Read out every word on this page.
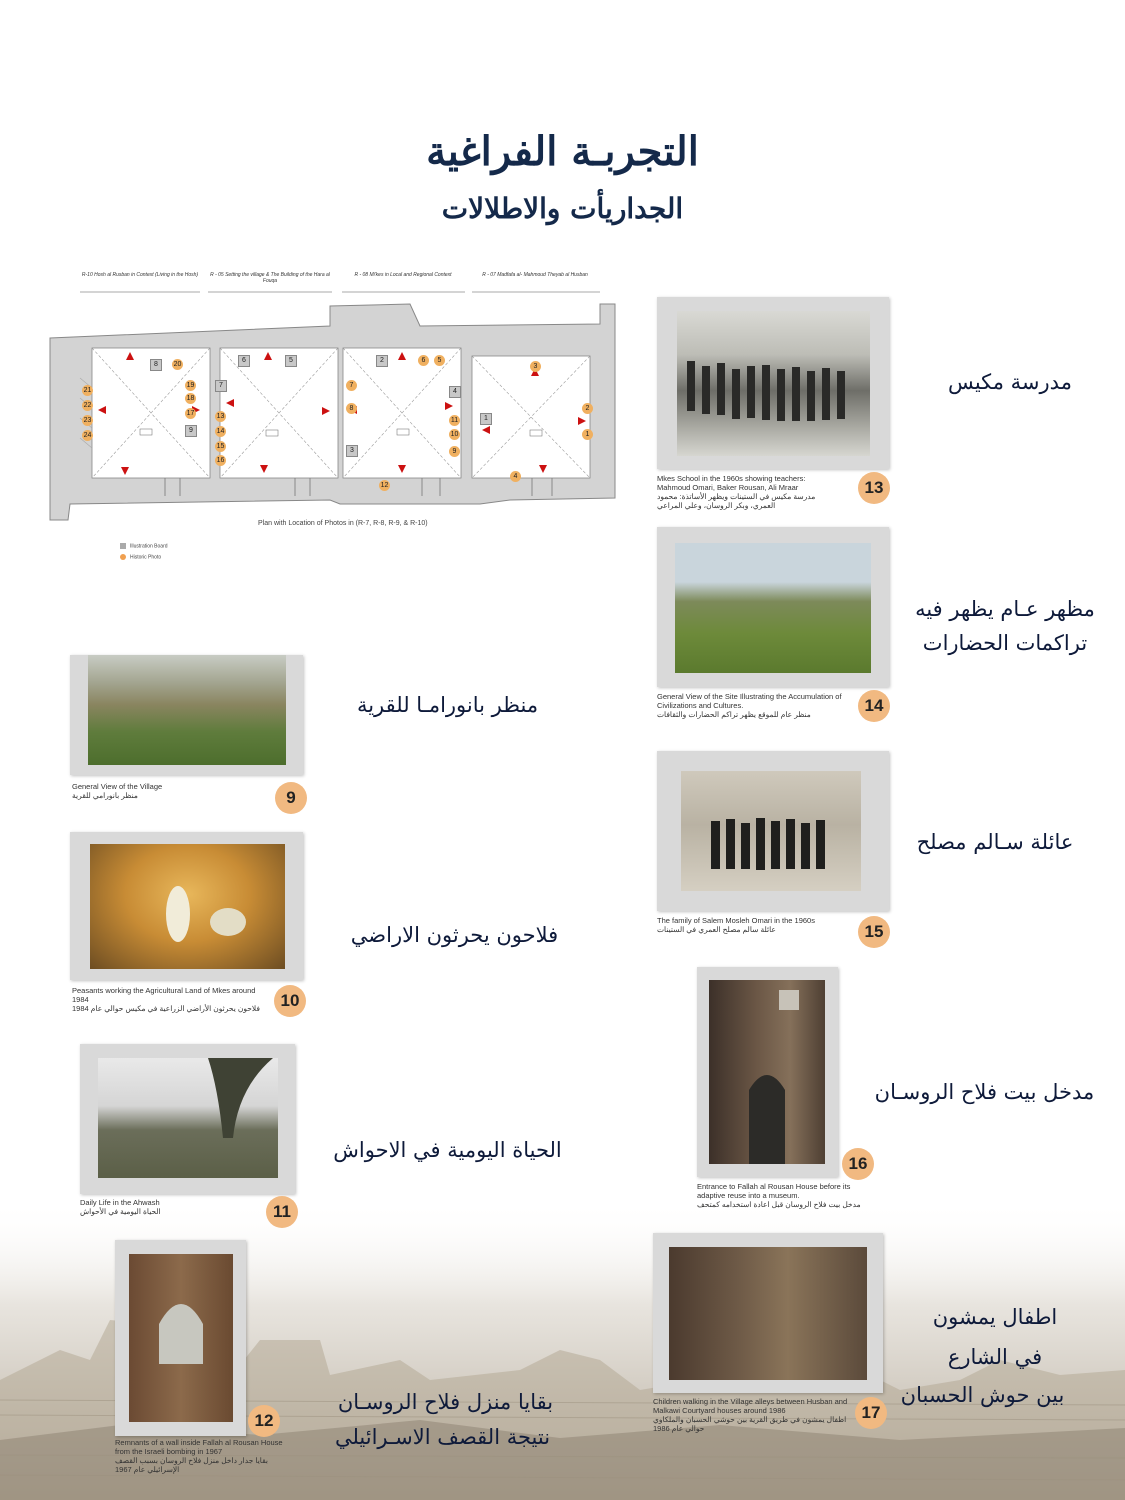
التجربـة الفراغية
الجداريأت والاطلالات
R-10 Hosh al Rusban in Context (Living in the Hosh)	R - 05 Setting the village & The Building of the Hara al Fouqa
R - 08 Mi'kes in Local and Regional Context	R - 07 Madfafa al- Mahmoud Theyab al Husban
20
21
22
23
24
19
18
17	13
14
15
16
7
8
11
10
9
6	5
3
2
1
12
4
8
9
6	5
7
2
4
3
1
Plan with Location of Photos in (R-7, R-8, R-9, & R-10)
Illustration Board
Historic Photo
Mkes School in the 1960s showing teachers: Mahmoud Omari, Baker Rousan, Ali Mraar
مدرسة مكيس في الستينات ويظهر الأساتذة: محمود العمري، وبكر الروسان، وعلي المراعي
13
مدرسة مكيس
General View of the Site Illustrating the Accumulation of Civilizations and Cultures.
منظر عام للموقع يظهر تراكم الحضارات والثقافات	14
مظهر عـام يظهر فيه تراكمات الحضارات
The family of Salem Mosleh Omari in the 1960s
عائلة سالم مصلح العمري في الستينات	15
عائلة سـالم مصلح
Entrance to Fallah al Rousan House before its adaptive reuse into a museum.
مدخل بيت فلاح الروسان قبل اعادة استخدامه كمتحف
16
مدخل بيت فلاح الروسـان
Children walking in the Village alleys between Husban and Malkawi Courtyard houses around 1986
اطفال يمشون في طريق القرية بين حوشي الحسبان والملكاوي حوالي عام 1986
17
اطفال يمشون
في الشارع
بين حوش الحسبان
General View of the Village
منظر بانورامي للقرية	9
منظر بانورامـا للقرية
Peasants working the Agricultural Land of Mkes around 1984
فلاحون يحرثون الأراضي الزراعية في مكيس حوالي عام 1984	10
فلاحون يحرثون الاراضي
Daily Life in the Ahwash
الحياة اليومية في الأحواش	11
الحياة اليومية في الاحواش
Remnants of a wall inside Fallah al Rousan House from the Israeli bombing in 1967
بقايا جدار داخل منزل فلاح الروسان بسبب القصف الإسرائيلي عام 1967
12
بقايا منزل فلاح الروسـان
نتيجة القصف الاسـرائيلي
